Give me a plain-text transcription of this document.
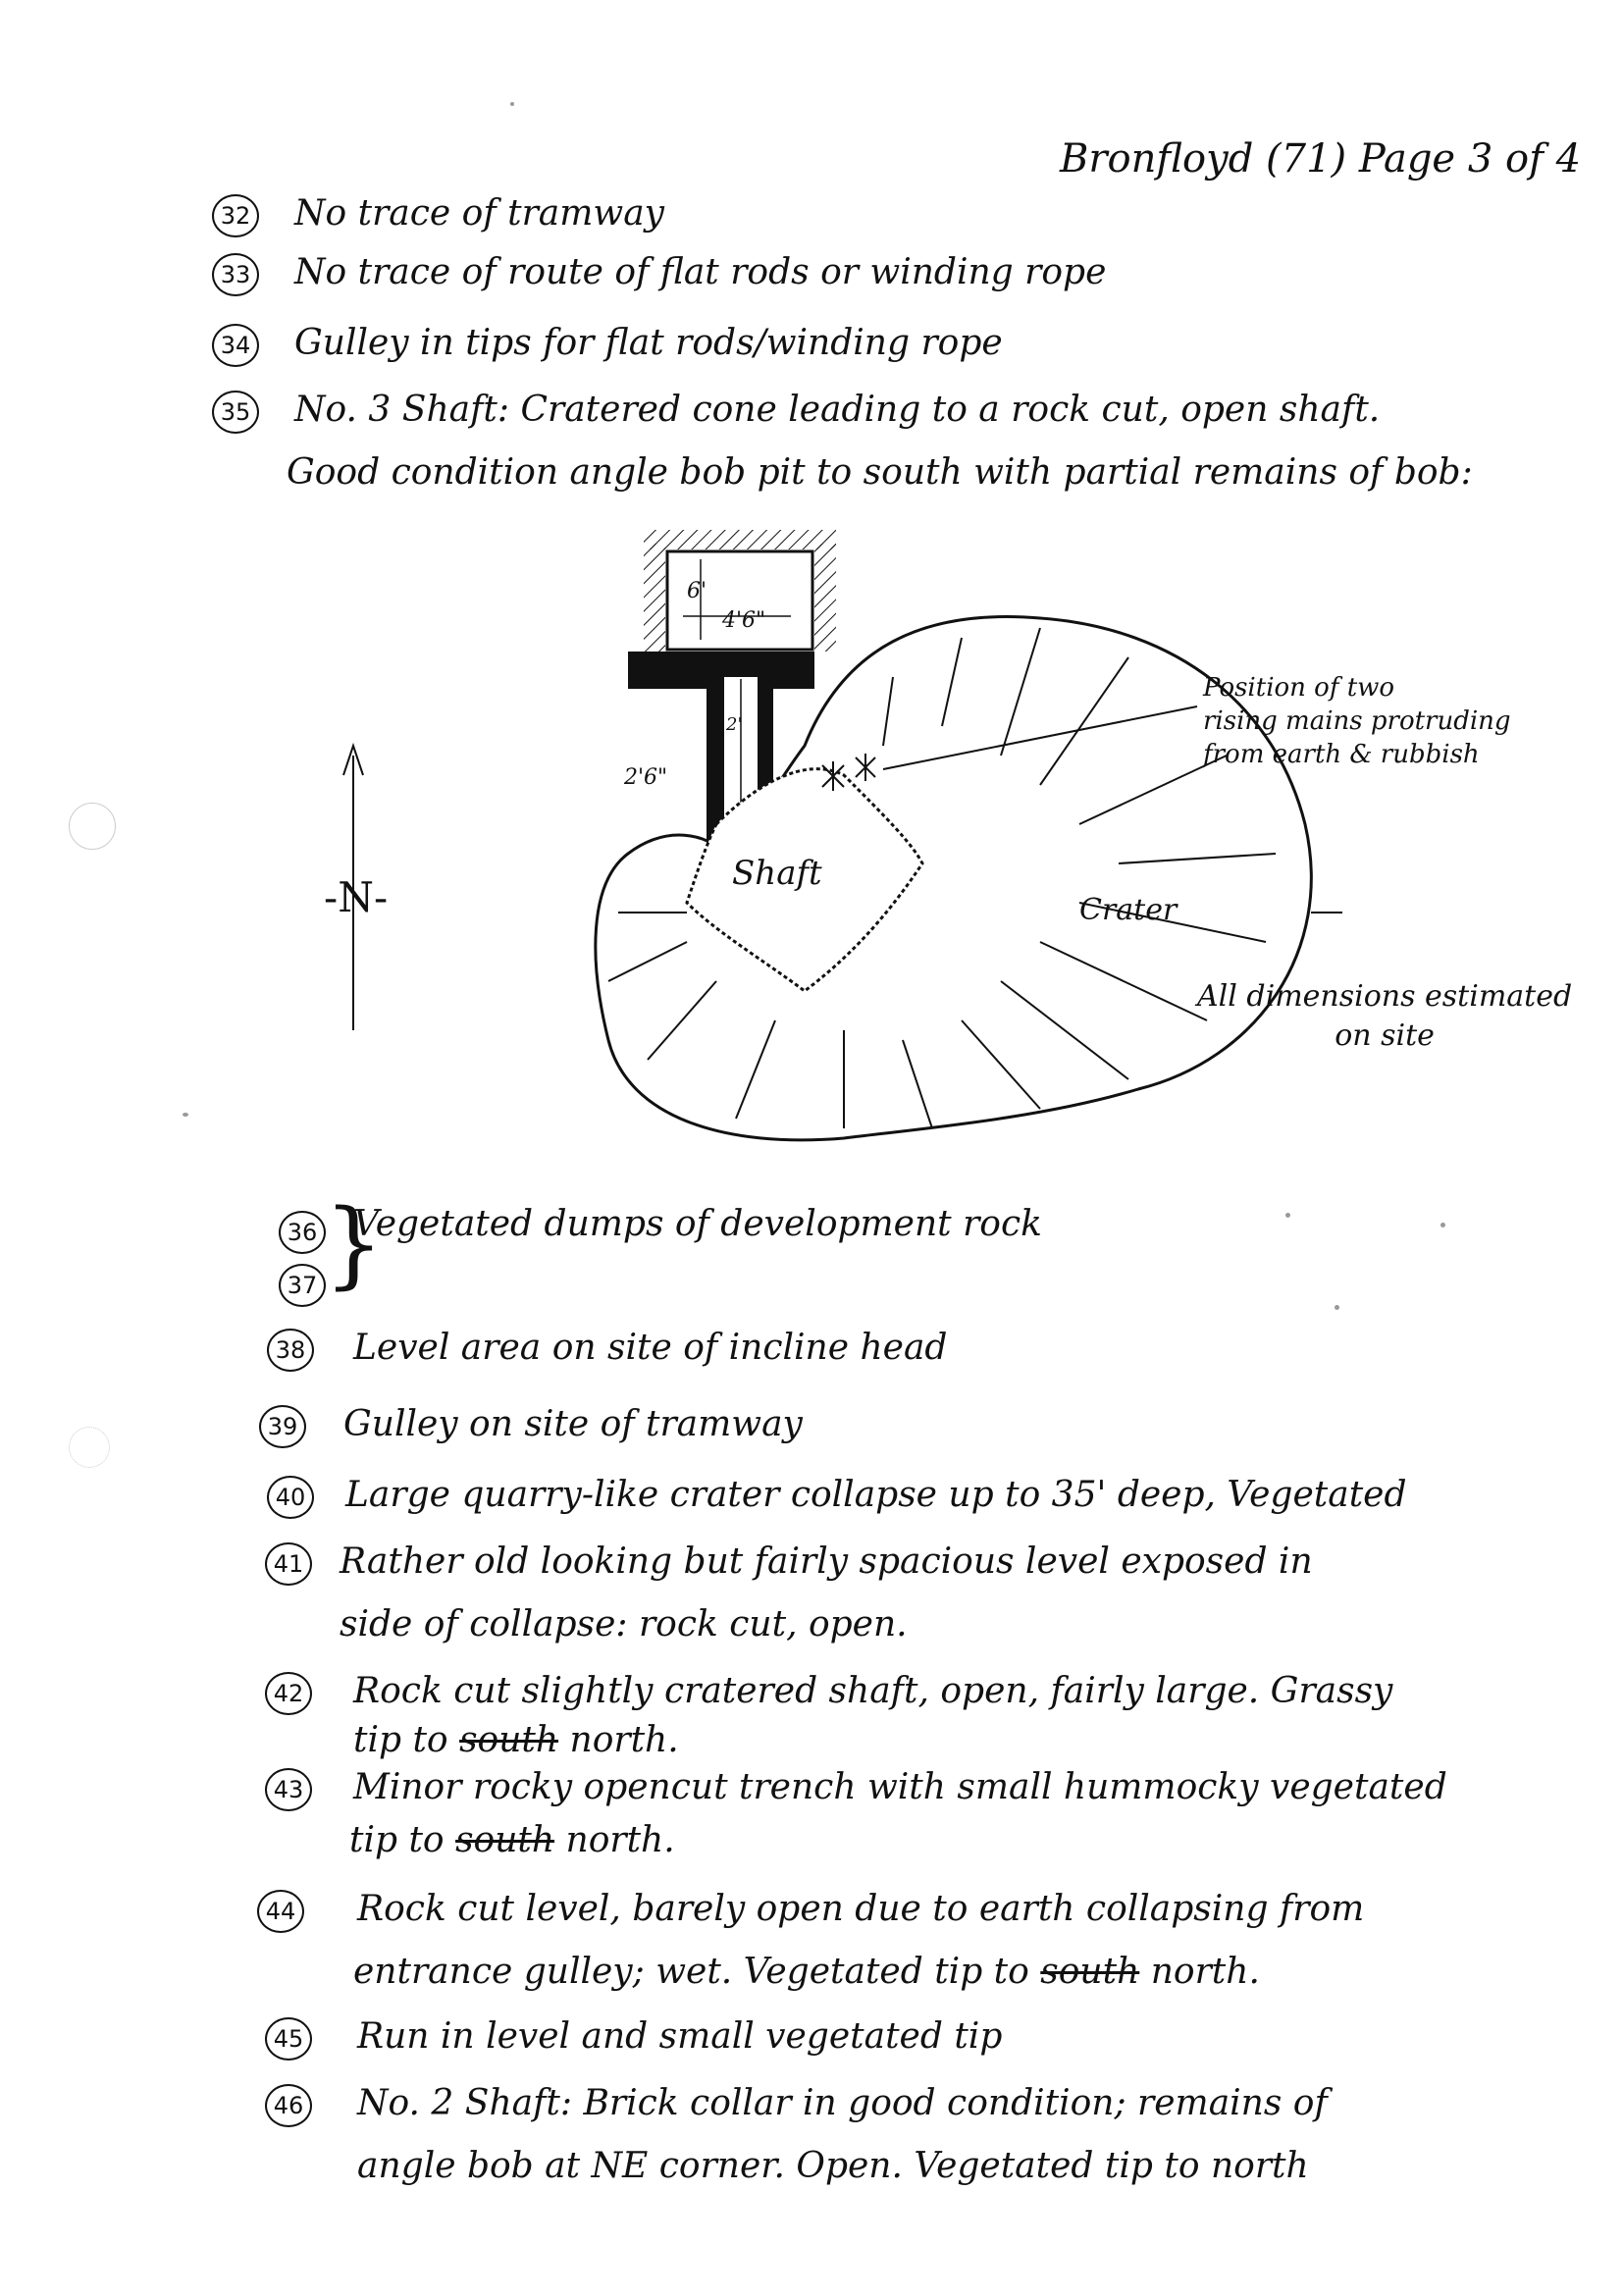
Bronfloyd (71) Page 3 of 4
32 No trace of tramway
33 No trace of route of flat rods or winding rope
34 Gulley in tips for flat rods/winding rope
35 No. 3 Shaft: Cratered cone leading to a rock cut, open shaft.
Good condition angle bob pit to south with partial remains of bob:
6'
4'6"
2'
2'6"
Shaft
-N-	Crater
Position of two
rising mains protruding
from earth & rubbish
All dimensions estimated
on site
36
37 }
Vegetated dumps of development rock
38 Level area on site of incline head
39 Gulley on site of tramway
40 Large quarry-like crater collapse up to 35' deep, Vegetated
41 Rather old looking but fairly spacious level exposed in
side of collapse: rock cut, open.
42 Rock cut slightly cratered shaft, open, fairly large. Grassy
tip to south north.
43 Minor rocky opencut trench with small hummocky vegetated
tip to south north.
44 Rock cut level, barely open due to earth collapsing from
entrance gulley; wet. Vegetated tip to south north.
45 Run in level and small vegetated tip
46 No. 2 Shaft: Brick collar in good condition; remains of
angle bob at NE corner. Open. Vegetated tip to north
